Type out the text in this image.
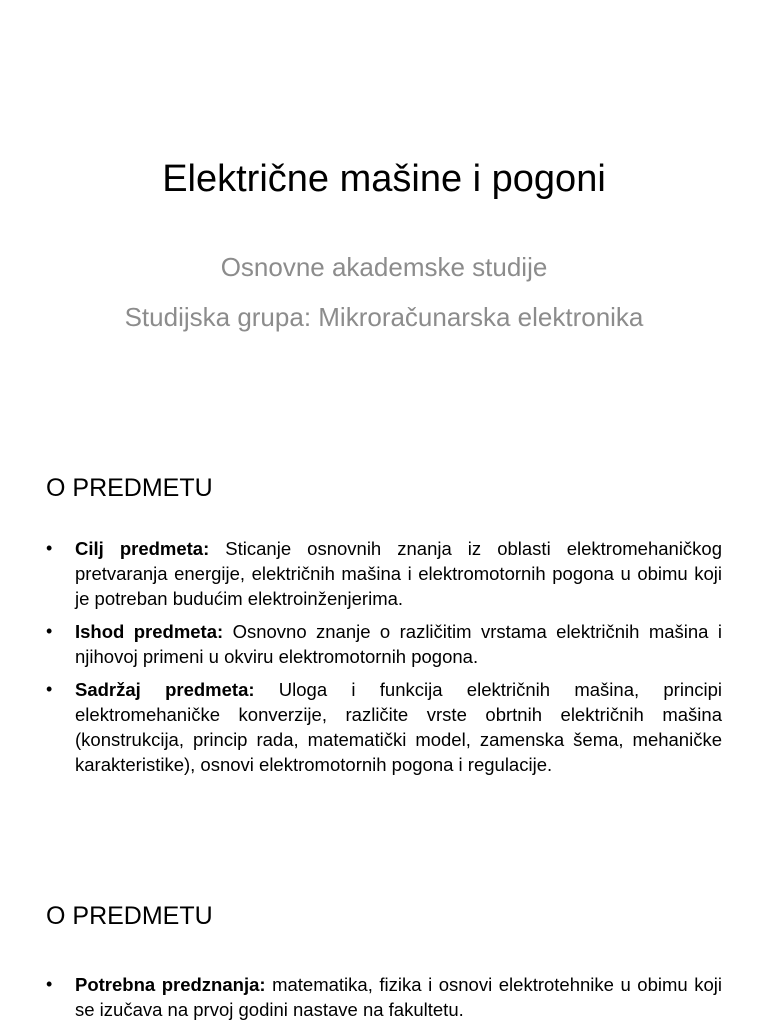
Električne mašine i pogoni
Osnovne akademske studije
Studijska grupa: Mikroračunarska elektronika
O PREDMETU
• Cilj predmeta: Sticanje osnovnih znanja iz oblasti elektromehaničkog pretvaranja energije, električnih mašina i elektromotornih pogona u obimu koji je potreban budućim elektroinženjerima.
• Ishod predmeta: Osnovno znanje o različitim vrstama električnih mašina i njihovoj primeni u okviru elektromotornih pogona.
• Sadržaj predmeta: Uloga i funkcija električnih mašina, principi elektromehaničke konverzije, različite vrste obrtnih električnih mašina (konstrukcija, princip rada, matematički model, zamenska šema, mehaničke karakteristike), osnovi elektromotornih pogona i regulacije.
O PREDMETU
• Potrebna predznanja: matematika, fizika i osnovi elektrotehnike u obimu koji se izučava na prvoj godini nastave na fakultetu.
